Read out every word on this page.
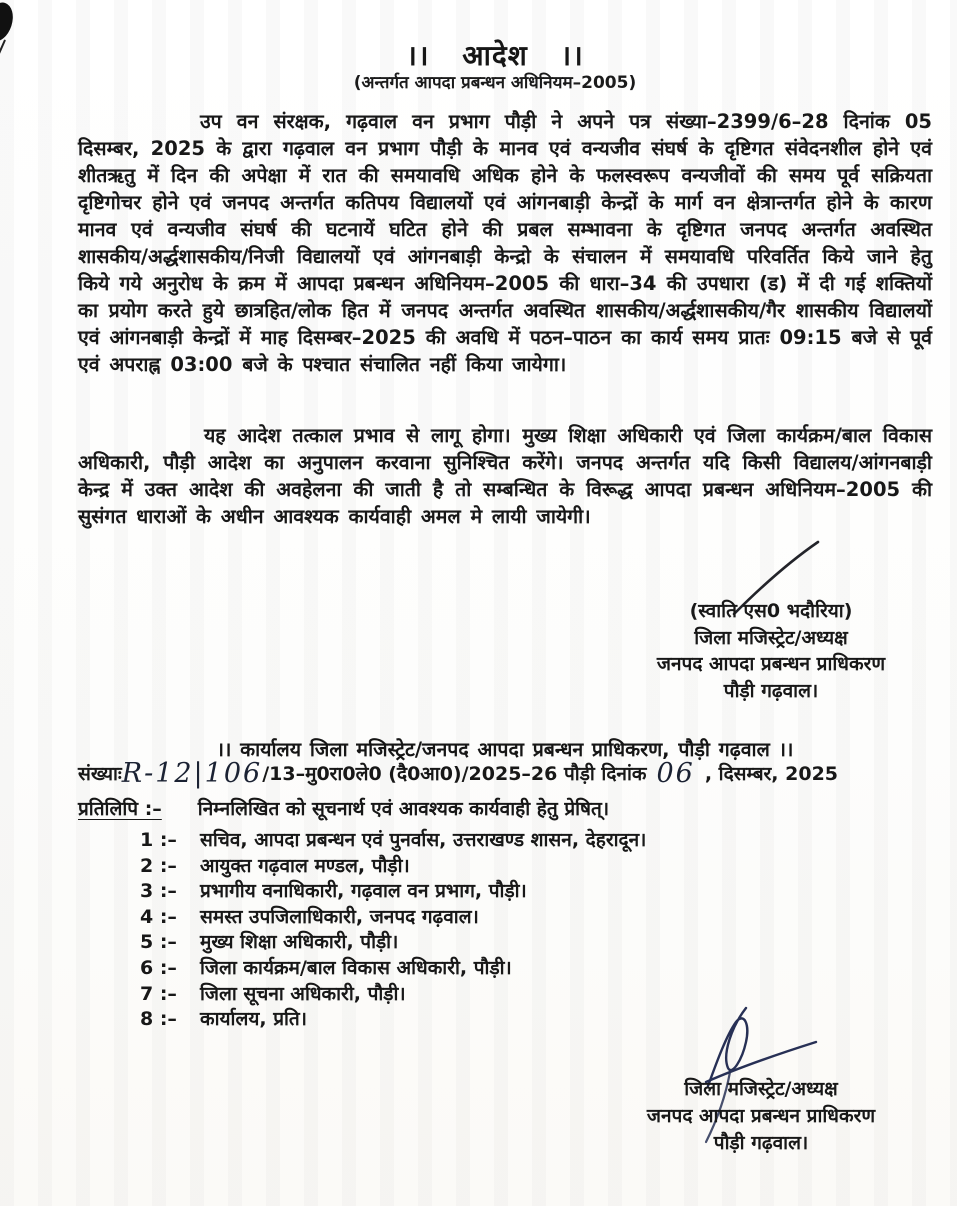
।। आदेश ।।
(अन्तर्गत आपदा प्रबन्धन अधिनियम–2005)
उप वन संरक्षक, गढ़वाल वन प्रभाग पौड़ी ने अपने पत्र संख्या–2399/6–28 दिनांक 05 दिसम्बर, 2025 के द्वारा गढ़वाल वन प्रभाग पौड़ी के मानव एवं वन्यजीव संघर्ष के दृष्टिगत संवेदनशील होने एवं शीतऋतु में दिन की अपेक्षा में रात की समयावधि अधिक होने के फलस्वरूप वन्यजीवों की समय पूर्व सक्रियता दृष्टिगोचर होने एवं जनपद अन्तर्गत कतिपय विद्यालयों एवं आंगनबाड़ी केन्द्रों के मार्ग वन क्षेत्रान्तर्गत होने के कारण मानव एवं वन्यजीव संघर्ष की घटनायें घटित होने की प्रबल सम्भावना के दृष्टिगत जनपद अन्तर्गत अवस्थित शासकीय/अर्द्धशासकीय/निजी विद्यालयों एवं आंगनबाड़ी केन्द्रो के संचालन में समयावधि परिवर्तित किये जाने हेतु किये गये अनुरोध के क्रम में आपदा प्रबन्धन अधिनियम–2005 की धारा–34 की उपधारा (ड) में दी गई शक्तियों का प्रयोग करते हुये छात्रहित/लोक हित में जनपद अन्तर्गत अवस्थित शासकीय/अर्द्धशासकीय/गैर शासकीय विद्यालयों एवं आंगनबाड़ी केन्द्रों में माह दिसम्बर–2025 की अवधि में पठन–पाठन का कार्य समय प्रातः 09:15 बजे से पूर्व एवं अपराह्न 03:00 बजे के पश्चात संचालित नहीं किया जायेगा।
यह आदेश तत्काल प्रभाव से लागू होगा। मुख्य शिक्षा अधिकारी एवं जिला कार्यक्रम/बाल विकास अधिकारी, पौड़ी आदेश का अनुपालन करवाना सुनिश्चित करेंगे। जनपद अन्तर्गत यदि किसी विद्यालय/आंगनबाड़ी केन्द्र में उक्त आदेश की अवहेलना की जाती है तो सम्बन्धित के विरूद्ध आपदा प्रबन्धन अधिनियम–2005 की सुसंगत धाराओं के अधीन आवश्यक कार्यवाही अमल मे लायी जायेगी।
(स्वाति एस0 भदौरिया)
जिला मजिस्ट्रेट/अध्यक्ष
जनपद आपदा प्रबन्धन प्राधिकरण
पौड़ी गढ़वाल।
।। कार्यालय जिला मजिस्ट्रेट/जनपद आपदा प्रबन्धन प्राधिकरण, पौड़ी गढ़वाल ।।
संख्याःR-12|106/13–मु0रा0ले0 (दै0आ0)/2025–26 पौड़ी दिनांक 06 , दिसम्बर, 2025
प्रतिलिपि :– निम्नलिखित को सूचनार्थ एवं आवश्यक कार्यवाही हेतु प्रेषित्।
1 :–	सचिव, आपदा प्रबन्धन एवं पुनर्वास, उत्तराखण्ड शासन, देहरादून।
2 :–	आयुक्त गढ़वाल मण्डल, पौड़ी।
3 :–	प्रभागीय वनाधिकारी, गढ़वाल वन प्रभाग, पौड़ी।
4 :–	समस्त उपजिलाधिकारी, जनपद गढ़वाल।
5 :–	मुख्य शिक्षा अधिकारी, पौड़ी।
6 :–	जिला कार्यक्रम/बाल विकास अधिकारी, पौड़ी।
7 :–	जिला सूचना अधिकारी, पौड़ी।
8 :–	कार्यालय, प्रति।
जिला मजिस्ट्रेट/अध्यक्ष
जनपद आपदा प्रबन्धन प्राधिकरण
पौड़ी गढ़वाल।
